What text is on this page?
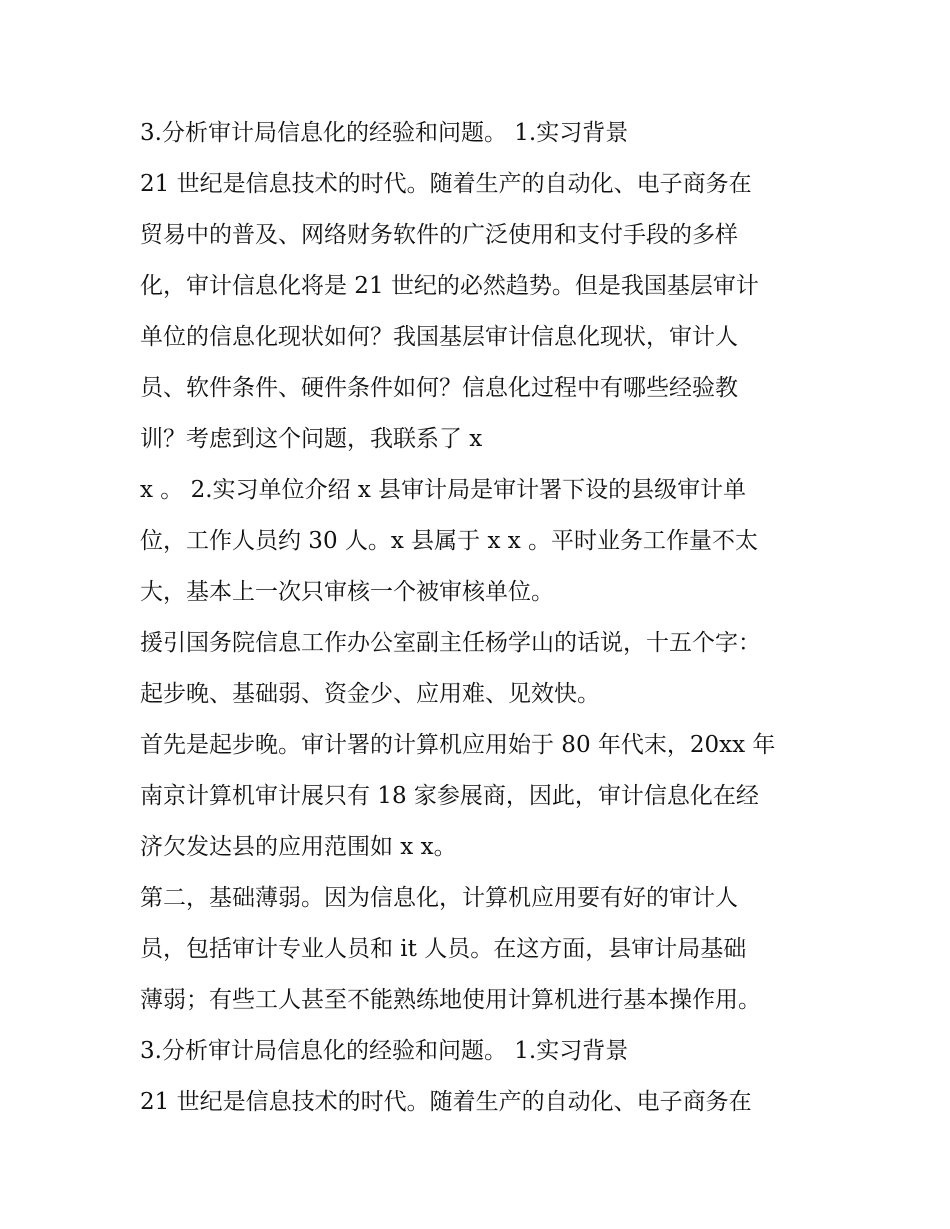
3.分析审计局信息化的经验和问题。 1.实习背景
21 世纪是信息技术的时代。随着生产的自动化、电子商务在
贸易中的普及、网络财务软件的广泛使用和支付手段的多样
化，审计信息化将是 21 世纪的必然趋势。但是我国基层审计
单位的信息化现状如何？我国基层审计信息化现状，审计人
员、软件条件、硬件条件如何？信息化过程中有哪些经验教
训？考虑到这个问题，我联系了 x
x 。 2.实习单位介绍 x 县审计局是审计署下设的县级审计单
位，工作人员约 30 人。x 县属于 x x 。平时业务工作量不太
大，基本上一次只审核一个被审核单位。
援引国务院信息工作办公室副主任杨学山的话说，十五个字：
起步晚、基础弱、资金少、应用难、见效快。
首先是起步晚。审计署的计算机应用始于 80 年代末，20xx 年
南京计算机审计展只有 18 家参展商，因此，审计信息化在经
济欠发达县的应用范围如 x x。
第二，基础薄弱。因为信息化，计算机应用要有好的审计人
员，包括审计专业人员和 it 人员。在这方面，县审计局基础
薄弱；有些工人甚至不能熟练地使用计算机进行基本操作用。
3.分析审计局信息化的经验和问题。 1.实习背景
21 世纪是信息技术的时代。随着生产的自动化、电子商务在
